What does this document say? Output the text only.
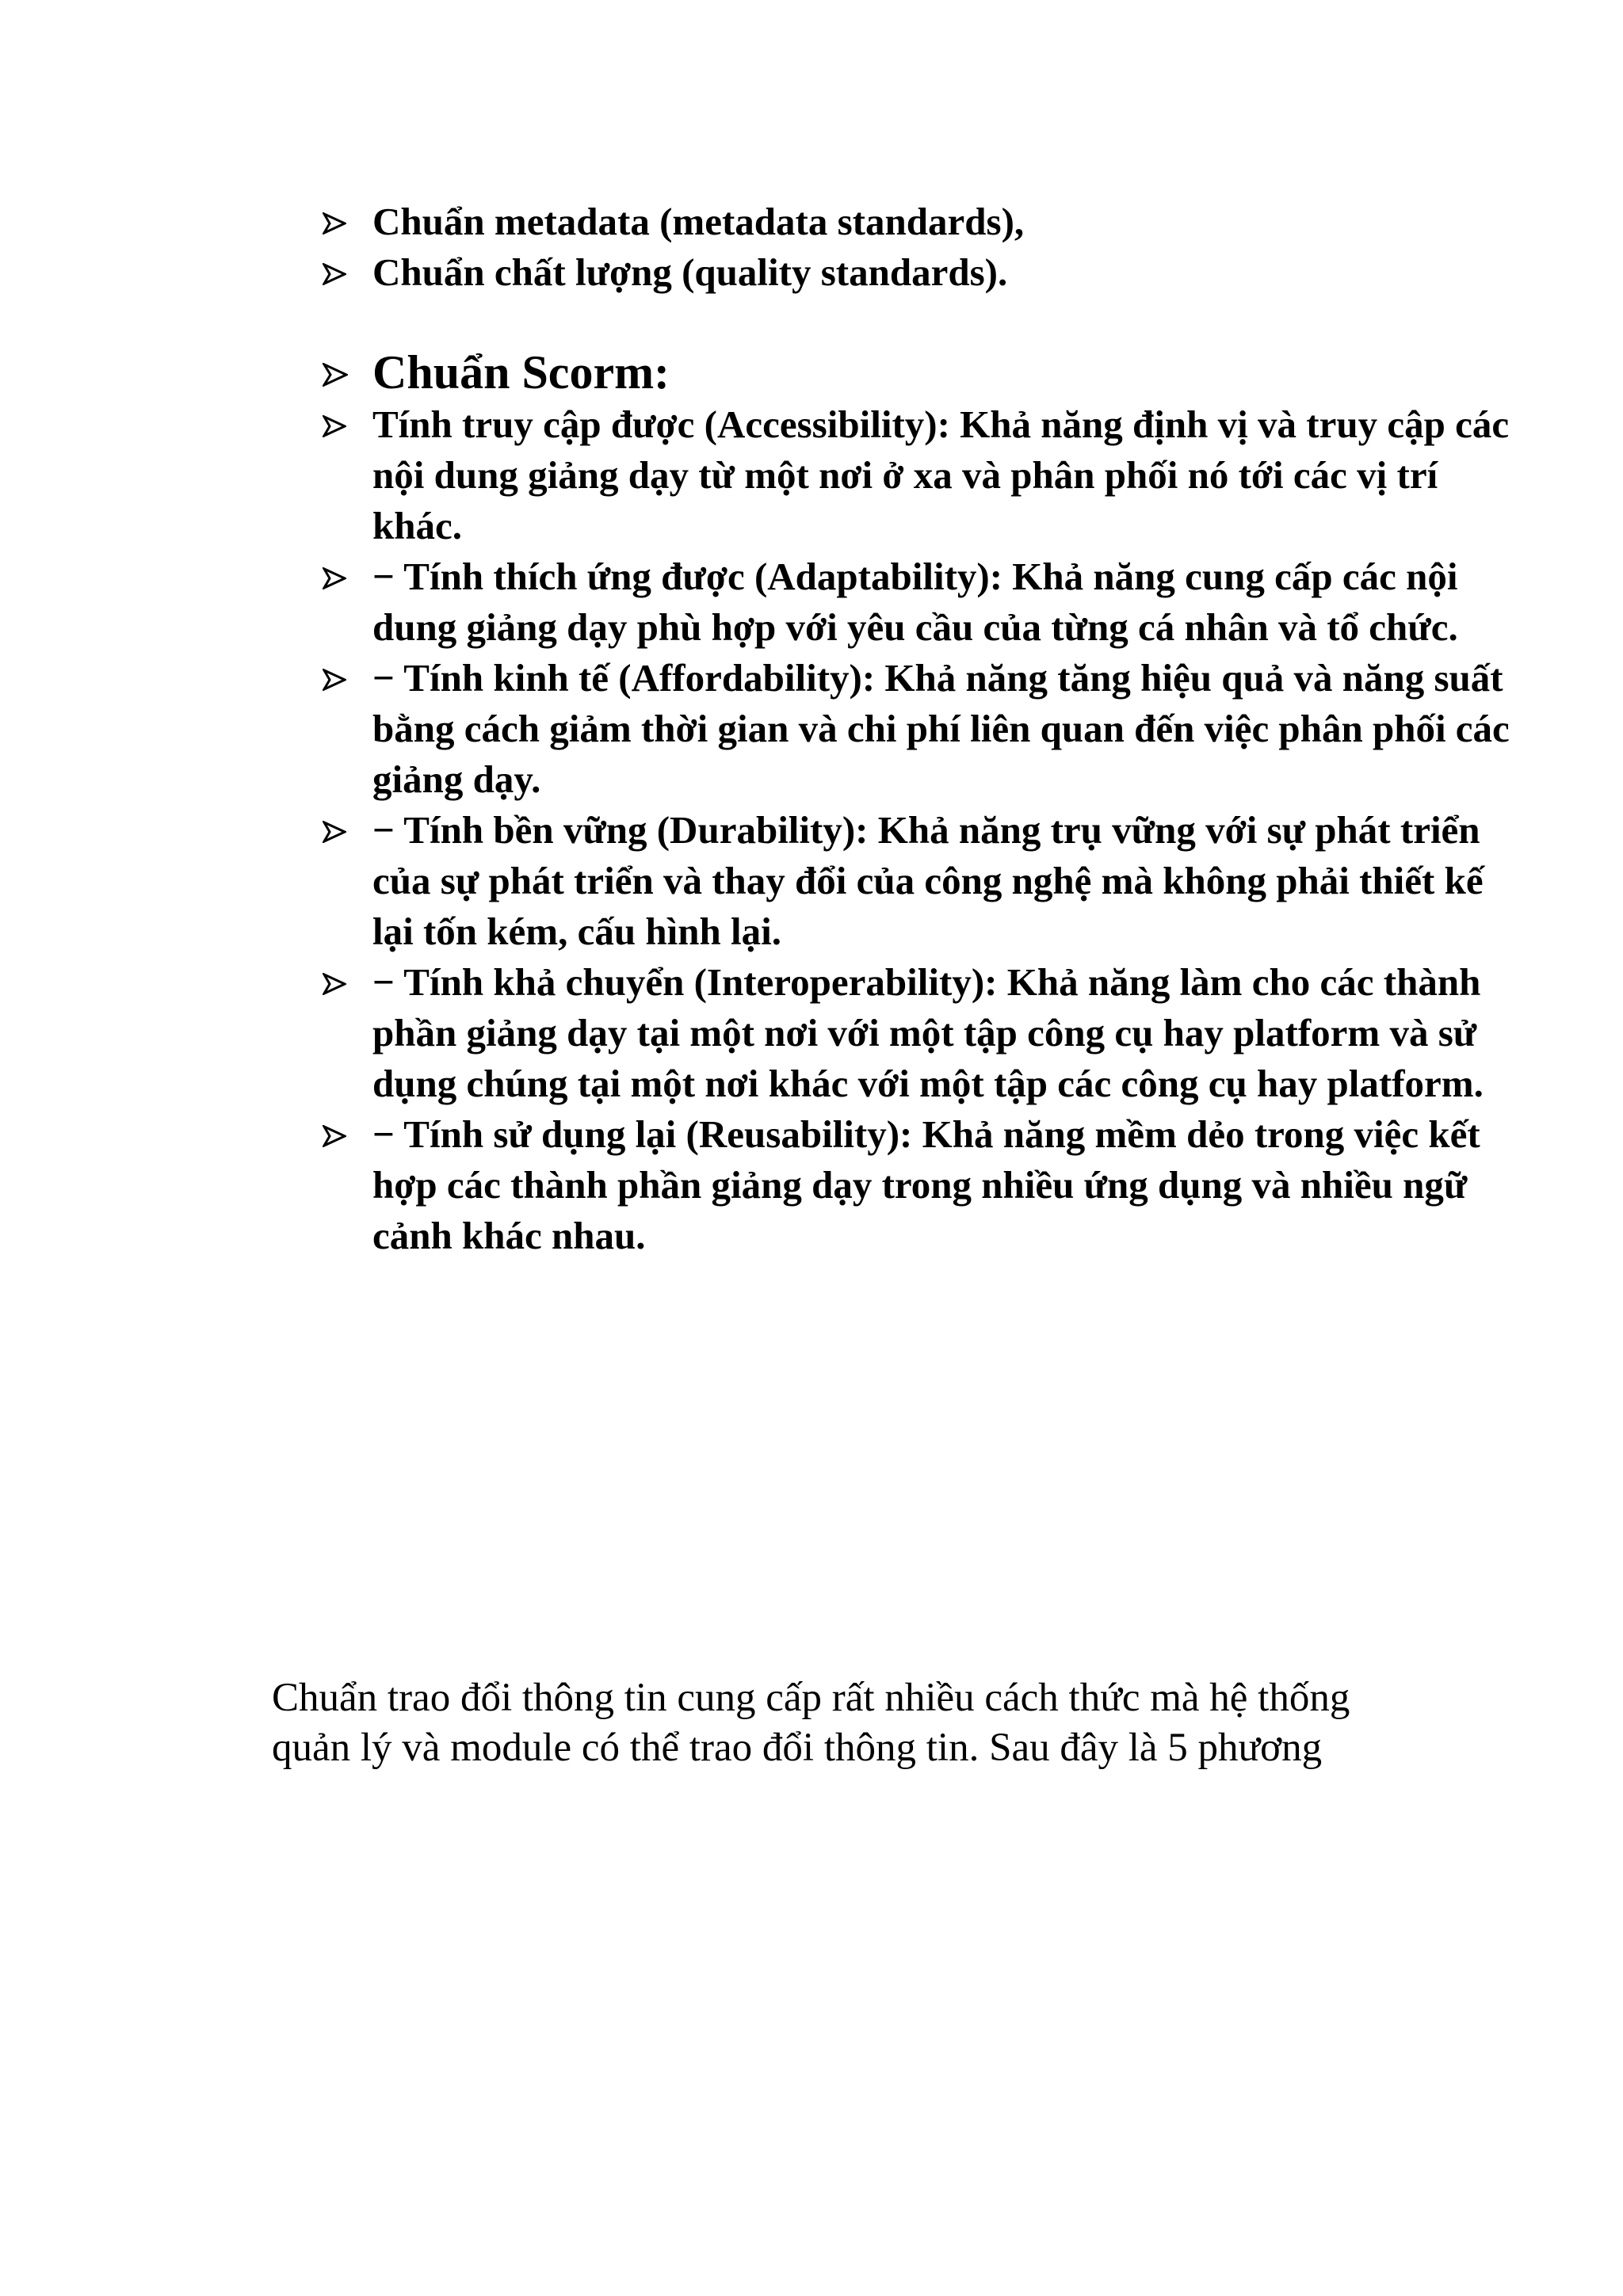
Chuẩn metadata (metadata standards),
Chuẩn chất lượng (quality standards).
Chuẩn Scorm:
Tính truy cập được (Accessibility): Khả năng định vị và truy cập các nội dung giảng dạy từ một nơi ở xa và phân phối nó tới các vị trí khác.
− Tính thích ứng được (Adaptability): Khả năng cung cấp các nội dung giảng dạy phù hợp với yêu cầu của từng cá nhân và tổ chức.
− Tính kinh tế (Affordability): Khả năng tăng hiệu quả và năng suất bằng cách giảm thời gian và chi phí liên quan đến việc phân phối các giảng dạy.
− Tính bền vững (Durability): Khả năng trụ vững với sự phát triển của sự phát triển và thay đổi của công nghệ mà không phải thiết kế lại tốn kém, cấu hình lại.
− Tính khả chuyển (Interoperability): Khả năng làm cho các thành phần giảng dạy tại một nơi với một tập công cụ hay platform và sử dụng chúng tại một nơi khác với một tập các công cụ hay platform.
− Tính sử dụng lại (Reusability): Khả năng mềm dẻo trong việc kết hợp các thành phần giảng dạy trong nhiều ứng dụng và nhiều ngữ cảnh khác nhau.

Chuẩn trao đổi thông tin cung cấp rất nhiều cách thức mà hệ thống
quản lý và module có thể trao đổi thông tin. Sau đây là 5 phương
